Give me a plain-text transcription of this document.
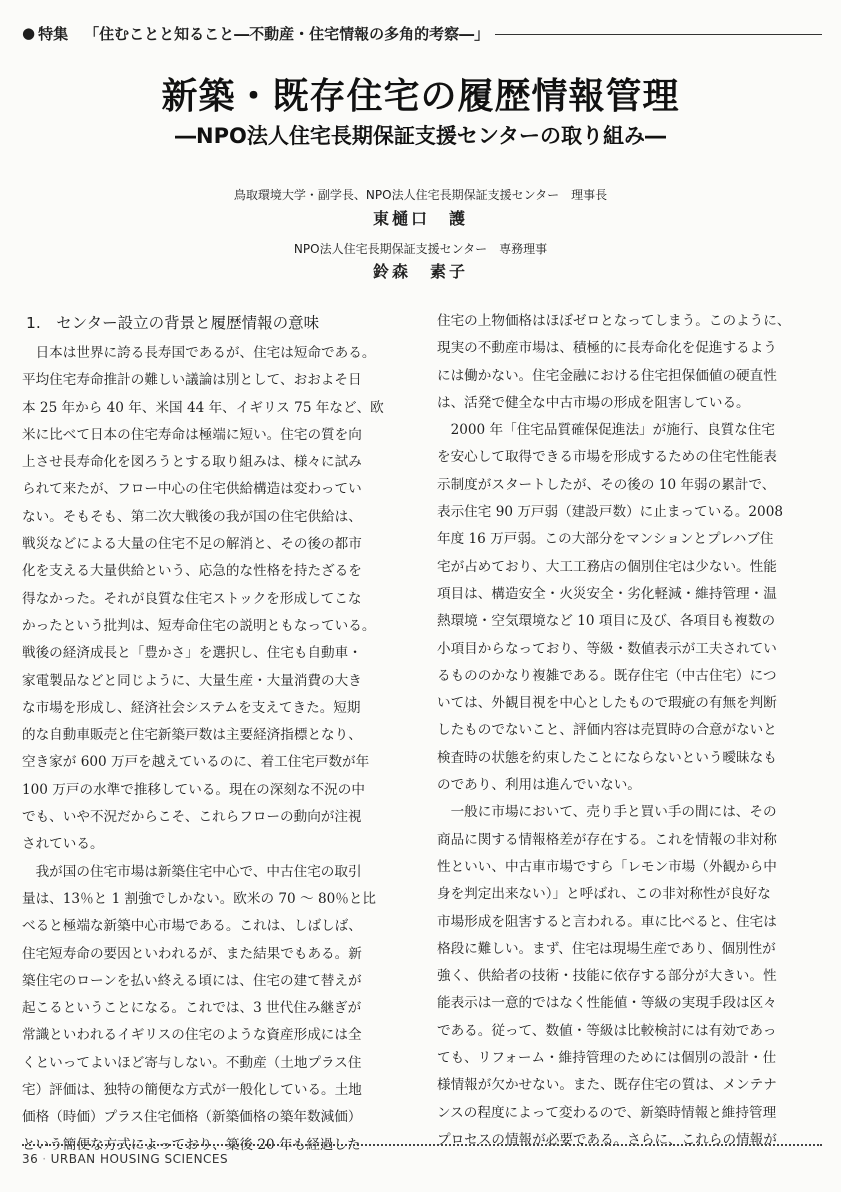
● 特集 「住むことと知ること―不動産・住宅情報の多角的考察―」
新築・既存住宅の履歴情報管理
―NPO法人住宅長期保証支援センターの取り組み―
鳥取環境大学・副学長、NPO法人住宅長期保証支援センター　理事長
東樋口　護
NPO法人住宅長期保証支援センター　専務理事
鈴森　素子
1.　センター設立の背景と履歴情報の意味

　日本は世界に誇る長寿国であるが、住宅は短命である。

平均住宅寿命推計の難しい議論は別として、おおよそ日

本 25 年から 40 年、米国 44 年、イギリス 75 年など、欧

米に比べて日本の住宅寿命は極端に短い。住宅の質を向

上させ長寿命化を図ろうとする取り組みは、様々に試み

られて来たが、フロー中心の住宅供給構造は変わってい

ない。そもそも、第二次大戦後の我が国の住宅供給は、

戦災などによる大量の住宅不足の解消と、その後の都市

化を支える大量供給という、応急的な性格を持たざるを

得なかった。それが良質な住宅ストックを形成してこな

かったという批判は、短寿命住宅の説明ともなっている。

戦後の経済成長と「豊かさ」を選択し、住宅も自動車・

家電製品などと同じように、大量生産・大量消費の大き

な市場を形成し、経済社会システムを支えてきた。短期

的な自動車販売と住宅新築戸数は主要経済指標となり、

空き家が 600 万戸を越えているのに、着工住宅戸数が年

100 万戸の水準で推移している。現在の深刻な不況の中

でも、いや不況だからこそ、これらフローの動向が注視

されている。

　我が国の住宅市場は新築住宅中心で、中古住宅の取引

量は、13％と 1 割強でしかない。欧米の 70 ～ 80％と比

べると極端な新築中心市場である。これは、しばしば、

住宅短寿命の要因といわれるが、また結果でもある。新

築住宅のローンを払い終える頃には、住宅の建て替えが

起こるということになる。これでは、3 世代住み継ぎが

常識といわれるイギリスの住宅のような資産形成には全

くといってよいほど寄与しない。不動産（土地プラス住

宅）評価は、独特の簡便な方式が一般化している。土地

価格（時価）プラス住宅価格（新築価格の築年数減価）

という簡便な方式によっており、築後 20 年も経過した

住宅の上物価格はほぼゼロとなってしまう。このように、

現実の不動産市場は、積極的に長寿命化を促進するよう

には働かない。住宅金融における住宅担保価値の硬直性

は、活発で健全な中古市場の形成を阻害している。

　2000 年「住宅品質確保促進法」が施行、良質な住宅

を安心して取得できる市場を形成するための住宅性能表

示制度がスタートしたが、その後の 10 年弱の累計で、

表示住宅 90 万戸弱（建設戸数）に止まっている。2008

年度 16 万戸弱。この大部分をマンションとプレハブ住

宅が占めており、大工工務店の個別住宅は少ない。性能

項目は、構造安全・火災安全・劣化軽減・維持管理・温

熱環境・空気環境など 10 項目に及び、各項目も複数の

小項目からなっており、等級・数値表示が工夫されてい

るもののかなり複雑である。既存住宅（中古住宅）につ

いては、外観目視を中心としたもので瑕疵の有無を判断

したものでないこと、評価内容は売買時の合意がないと

検査時の状態を約束したことにならないという曖昧なも

のであり、利用は進んでいない。

　一般に市場において、売り手と買い手の間には、その

商品に関する情報格差が存在する。これを情報の非対称

性といい、中古車市場ですら「レモン市場（外観から中

身を判定出来ない）」と呼ばれ、この非対称性が良好な

市場形成を阻害すると言われる。車に比べると、住宅は

格段に難しい。まず、住宅は現場生産であり、個別性が

強く、供給者の技術・技能に依存する部分が大きい。性

能表示は一意的ではなく性能値・等級の実現手段は区々

である。従って、数値・等級は比較検討には有効であっ

ても、リフォーム・維持管理のためには個別の設計・仕

様情報が欠かせない。また、既存住宅の質は、メンテナ

ンスの程度によって変わるので、新築時情報と維持管理

プロセスの情報が必要である。さらに、これらの情報が

36 · URBAN HOUSING SCIENCES
